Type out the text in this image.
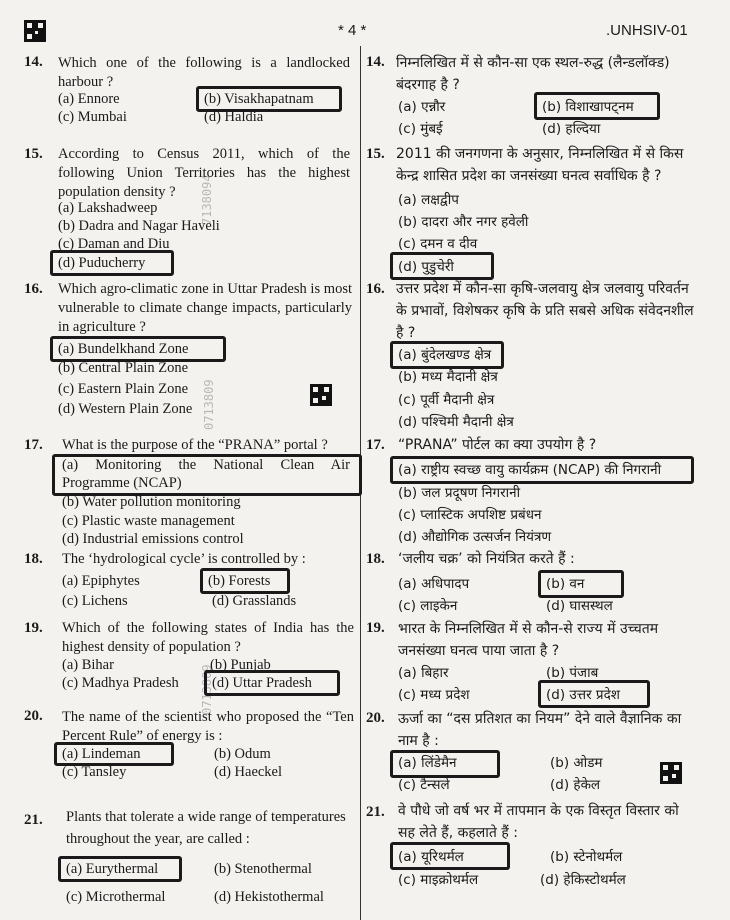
* 4 *	.UNHSIV-01
7138094
0713809
0713809
14. Which one of the following is a landlocked harbour ?
(a) Ennore	(b) Visakhapatnam
(c) Mumbai	(d) Haldia
14. निम्नलिखित में से कौन-सा एक स्थल-रुद्ध (लैन्डलॉक्ड) बंदरगाह है ?
(a) एन्नौर	(b) विशाखापट्नम
(c) मुंबई	(d) हल्दिया
15. According to Census 2011, which of the following Union Territories has the highest population density ?
(a) Lakshadweep
(b) Dadra and Nagar Haveli
(c) Daman and Diu
(d) Puducherry
15. 2011 की जनगणना के अनुसार, निम्नलिखित में से किस केन्द्र शासित प्रदेश का जनसंख्या घनत्व सर्वाधिक है ?
(a) लक्षद्वीप
(b) दादरा और नगर हवेली
(c) दमन व दीव
(d) पुडुचेरी
16. Which agro-climatic zone in Uttar Pradesh is most vulnerable to climate change impacts, particularly in agriculture ?
(a) Bundelkhand Zone
(b) Central Plain Zone
(c) Eastern Plain Zone
(d) Western Plain Zone
16. उत्तर प्रदेश में कौन-सा कृषि-जलवायु क्षेत्र जलवायु परिवर्तन के प्रभावों, विशेषकर कृषि के प्रति सबसे अधिक संवेदनशील है ?
(a) बुंदेलखण्ड क्षेत्र
(b) मध्य मैदानी क्षेत्र
(c) पूर्वी मैदानी क्षेत्र
(d) पश्चिमी मैदानी क्षेत्र
17. What is the purpose of the “PRANA” portal ?
(a) Monitoring the National Clean Air Programme (NCAP)
(b) Water pollution monitoring
(c) Plastic waste management
(d) Industrial emissions control
17. “PRANA” पोर्टल का क्या उपयोग है ?
(a) राष्ट्रीय स्वच्छ वायु कार्यक्रम (NCAP) की निगरानी
(b) जल प्रदूषण निगरानी
(c) प्लास्टिक अपशिष्ट प्रबंधन
(d) औद्योगिक उत्सर्जन नियंत्रण
18. The ‘hydrological cycle’ is controlled by :
(a) Epiphytes	(b) Forests
(c) Lichens	(d) Grasslands
18. ‘जलीय चक्र’ को नियंत्रित करते हैं :
(a) अधिपादप	(b) वन
(c) लाइकेन	(d) घासस्थल
19. Which of the following states of India has the highest density of population ?
(a) Bihar	(b) Punjab
(c) Madhya Pradesh (d) Uttar Pradesh
19. भारत के निम्नलिखित में से कौन-से राज्य में उच्चतम जनसंख्या घनत्व पाया जाता है ?
(a) बिहार	(b) पंजाब
(c) मध्य प्रदेश	(d) उत्तर प्रदेश
20. The name of the scientist who proposed the “Ten Percent Rule” of energy is :
(a) Lindeman	(b) Odum
(c) Tansley	(d) Haeckel
20. ऊर्जा का “दस प्रतिशत का नियम” देने वाले वैज्ञानिक का नाम है :
(a) लिंडेमैन	(b) ओडम
(c) टैन्सले	(d) हेकेल
21. Plants that tolerate a wide range of temperatures throughout the year, are called :
(a) Eurythermal	(b) Stenothermal
(c) Microthermal	(d) Hekistothermal
21. वे पौधे जो वर्ष भर में तापमान के एक विस्तृत विस्तार को सह लेते हैं, कहलाते हैं :
(a) यूरिथर्मल	(b) स्टेनोथर्मल
(c) माइक्रोथर्मल	(d) हेकिस्टोथर्मल
